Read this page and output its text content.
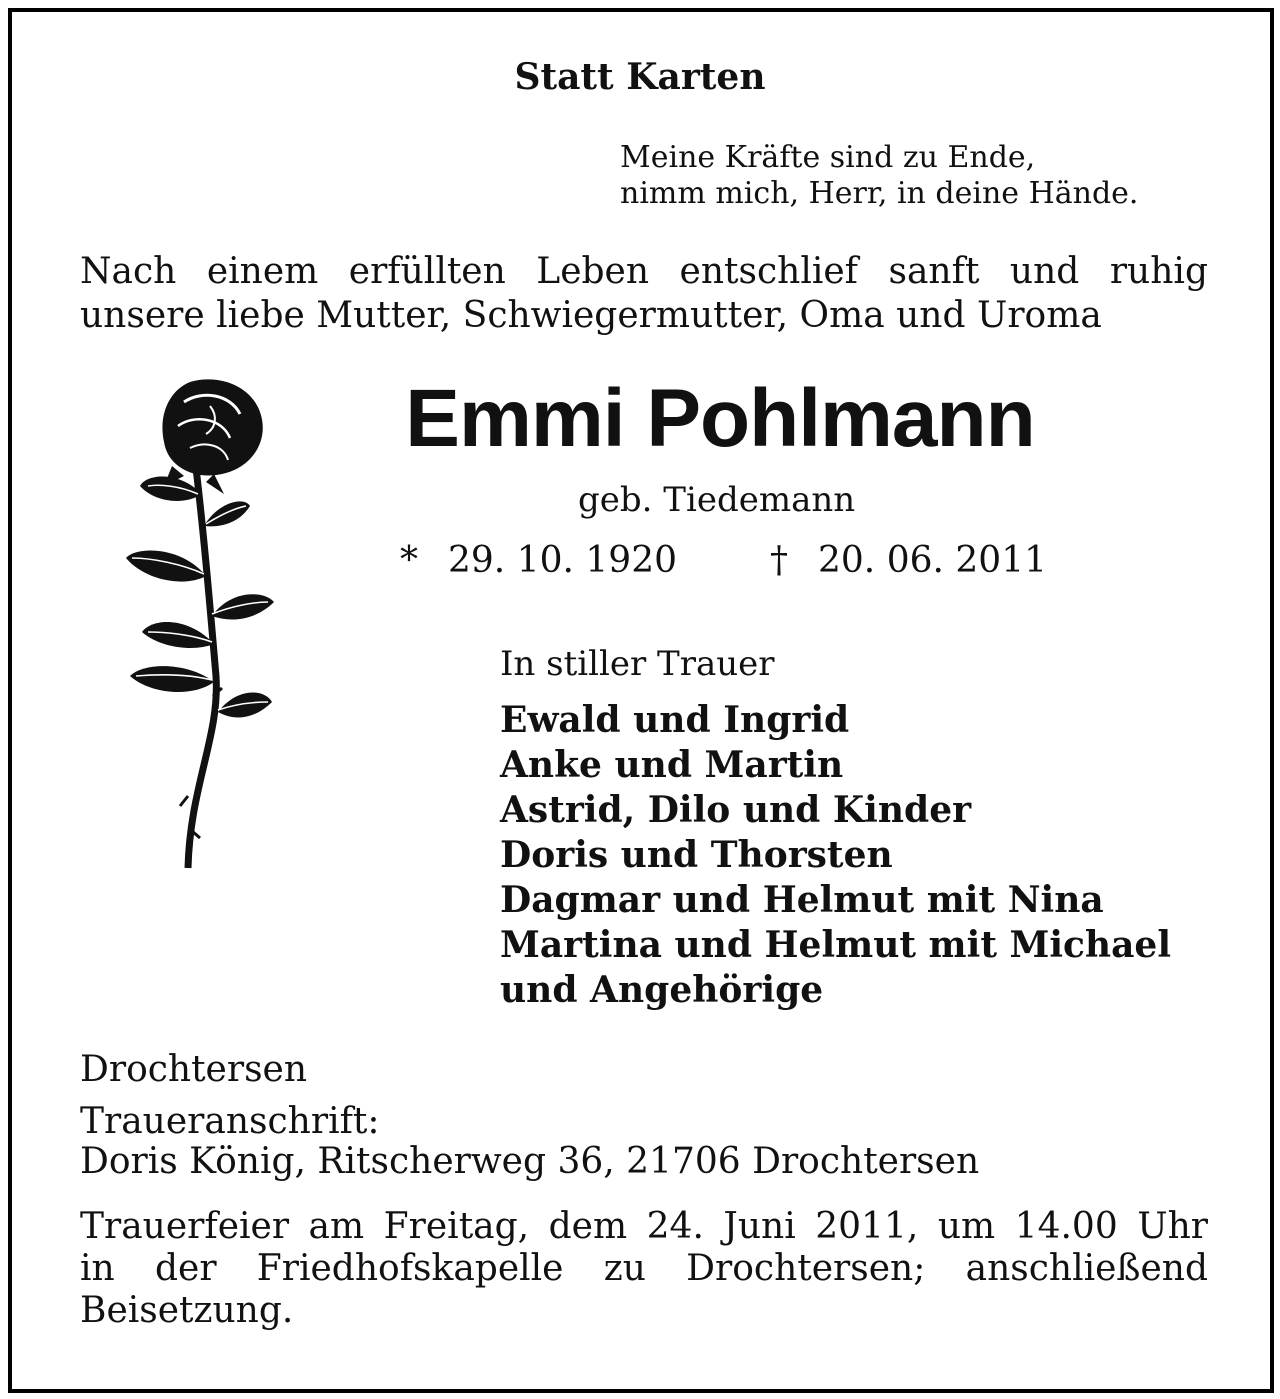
Statt Karten
Meine Kräfte sind zu Ende,
nimm mich, Herr, in deine Hände.
Nach einem erfüllten Leben entschlief sanft und ruhig
unsere liebe Mutter, Schwiegermutter, Oma und Uroma
Emmi Pohlmann
geb. Tiedemann
* 29. 10. 1920	† 20. 06. 2011
In stiller Trauer
Ewald und Ingrid
Anke und Martin
Astrid, Dilo und Kinder
Doris und Thorsten
Dagmar und Helmut mit Nina
Martina und Helmut mit Michael
und Angehörige
Drochtersen
Traueranschrift:
Doris König, Ritscherweg 36, 21706 Drochtersen
Trauerfeier am Freitag, dem 24. Juni 2011, um 14.00 Uhr
in der Friedhofskapelle zu Drochtersen; anschließend
Beisetzung.
